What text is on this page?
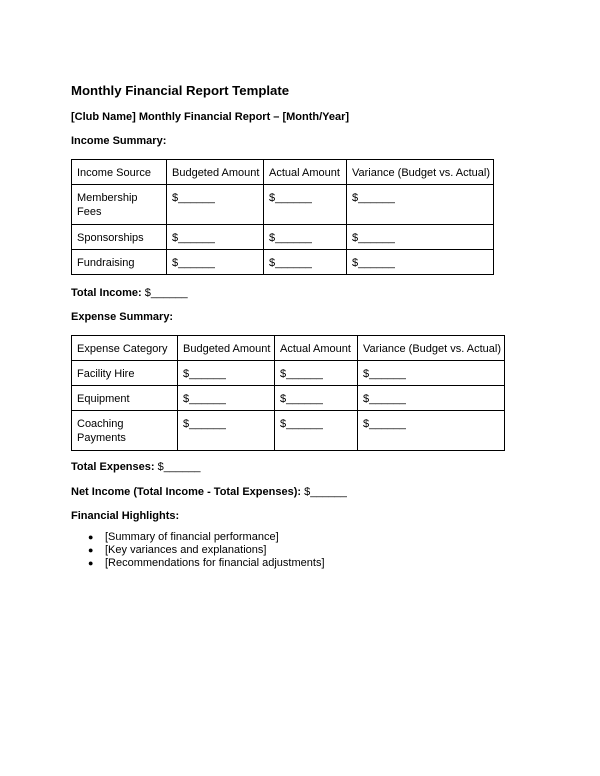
Monthly Financial Report Template
[Club Name] Monthly Financial Report – [Month/Year]
Income Summary:
Income Source	Budgeted Amount	Actual Amount	Variance (Budget vs. Actual)

Membership Fees	$______	$______	$______

Sponsorships	$______	$______	$______

Fundraising	$______	$______	$______
Total Income: $______
Expense Summary:
Expense Category	Budgeted Amount	Actual Amount	Variance (Budget vs. Actual)

Facility Hire	$______	$______	$______

Equipment	$______	$______	$______

Coaching Payments	$______	$______	$______
Total Expenses: $______
Net Income (Total Income - Total Expenses): $______
Financial Highlights:
● [Summary of financial performance]
● [Key variances and explanations]
● [Recommendations for financial adjustments]
